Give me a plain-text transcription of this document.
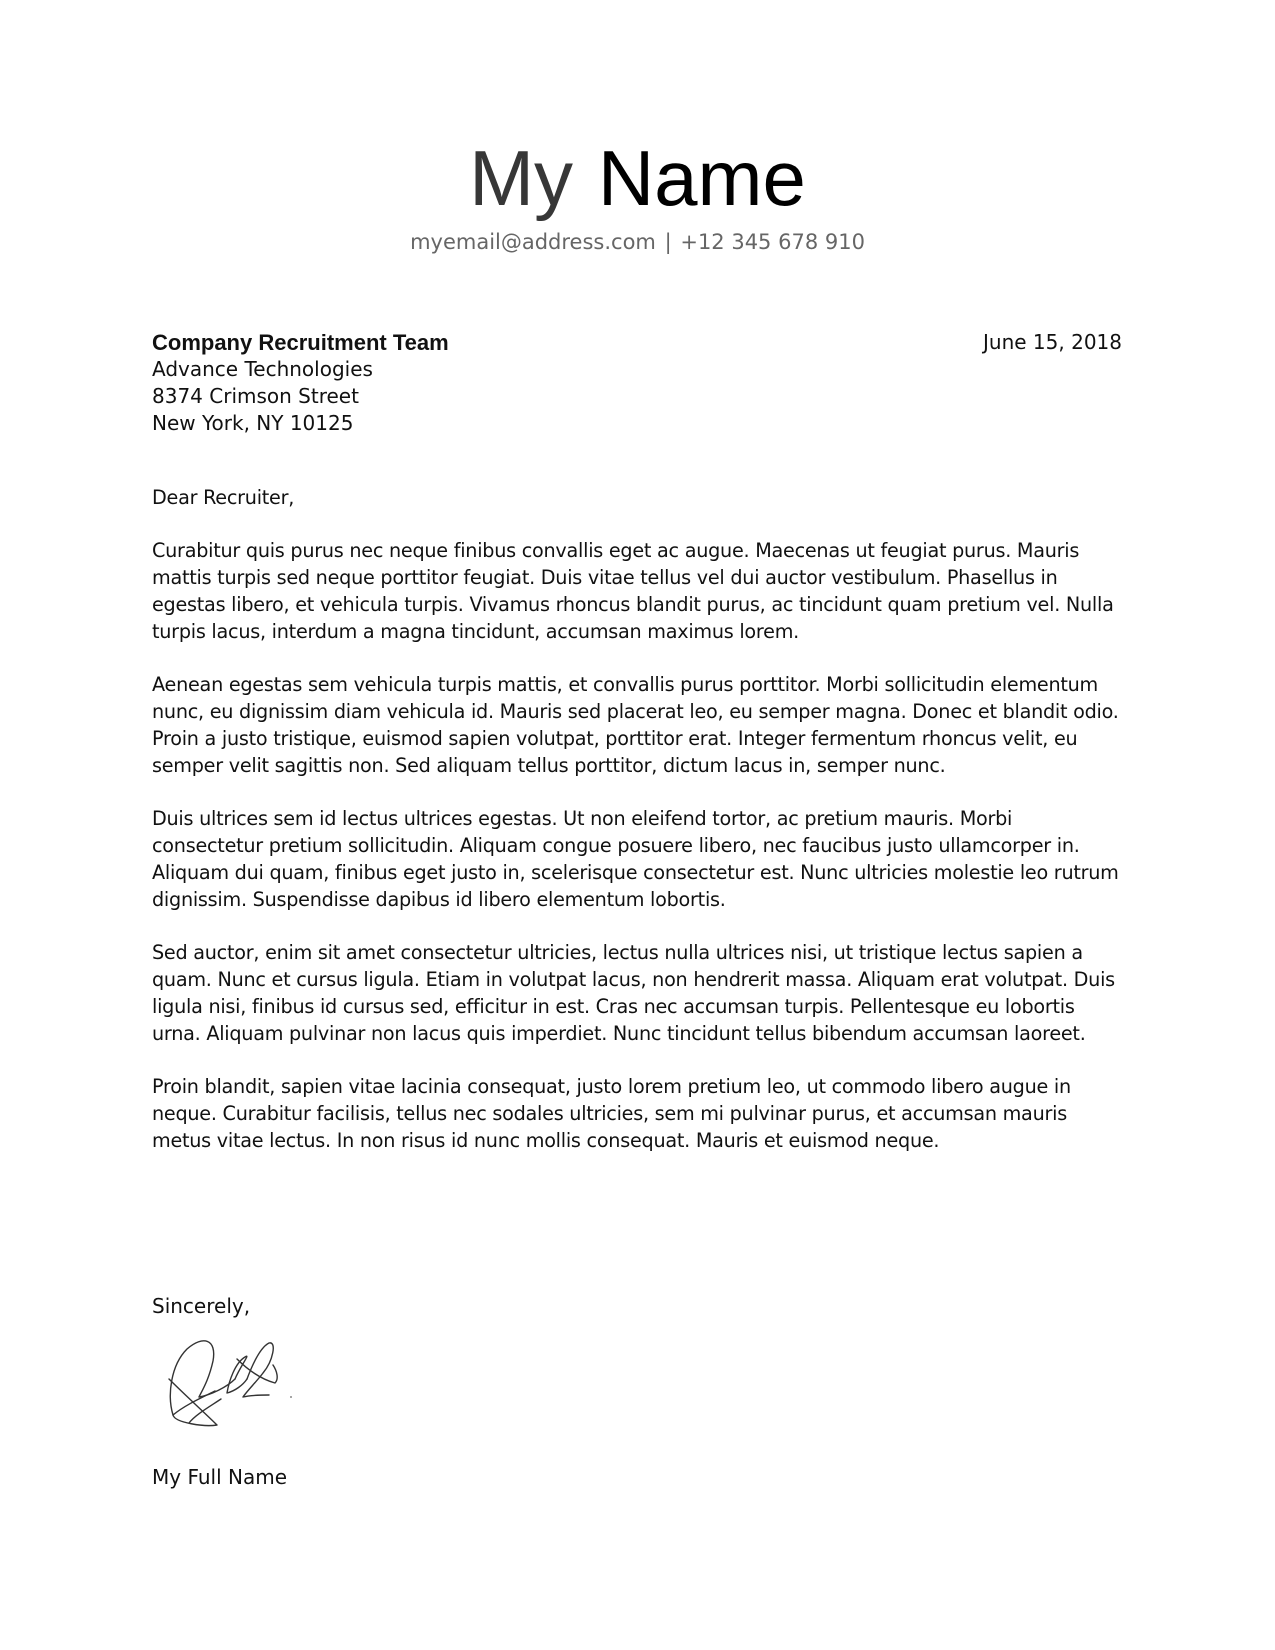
My Name
myemail@address.com | +12 345 678 910
Company Recruitment Team
Advance Technologies
8374 Crimson Street
New York, NY 10125
June 15, 2018

Dear Recruiter,

Curabitur quis purus nec neque finibus convallis eget ac augue. Maecenas ut feugiat purus. Mauris mattis turpis sed neque porttitor feugiat. Duis vitae tellus vel dui auctor vestibulum. Phasellus in egestas libero, et vehicula turpis. Vivamus rhoncus blandit purus, ac tincidunt quam pretium vel. Nulla turpis lacus, interdum a magna tincidunt, accumsan maximus lorem.

Aenean egestas sem vehicula turpis mattis, et convallis purus porttitor. Morbi sollicitudin elementum nunc, eu dignissim diam vehicula id. Mauris sed placerat leo, eu semper magna. Donec et blandit odio. Proin a justo tristique, euismod sapien volutpat, porttitor erat. Integer fermentum rhoncus velit, eu semper velit sagittis non. Sed aliquam tellus porttitor, dictum lacus in, semper nunc.

Duis ultrices sem id lectus ultrices egestas. Ut non eleifend tortor, ac pretium mauris. Morbi consectetur pretium sollicitudin. Aliquam congue posuere libero, nec faucibus justo ullamcorper in. Aliquam dui quam, finibus eget justo in, scelerisque consectetur est. Nunc ultricies molestie leo rutrum dignissim. Suspendisse dapibus id libero elementum lobortis.

Sed auctor, enim sit amet consectetur ultricies, lectus nulla ultrices nisi, ut tristique lectus sapien a quam. Nunc et cursus ligula. Etiam in volutpat lacus, non hendrerit massa. Aliquam erat volutpat. Duis ligula nisi, finibus id cursus sed, efficitur in est. Cras nec accumsan turpis. Pellentesque eu lobortis urna. Aliquam pulvinar non lacus quis imperdiet. Nunc tincidunt tellus bibendum accumsan laoreet.

Proin blandit, sapien vitae lacinia consequat, justo lorem pretium leo, ut commodo libero augue in neque. Curabitur facilisis, tellus nec sodales ultricies, sem mi pulvinar purus, et accumsan mauris metus vitae lectus. In non risus id nunc mollis consequat. Mauris et euismod neque.

Sincerely,
My Full Name
